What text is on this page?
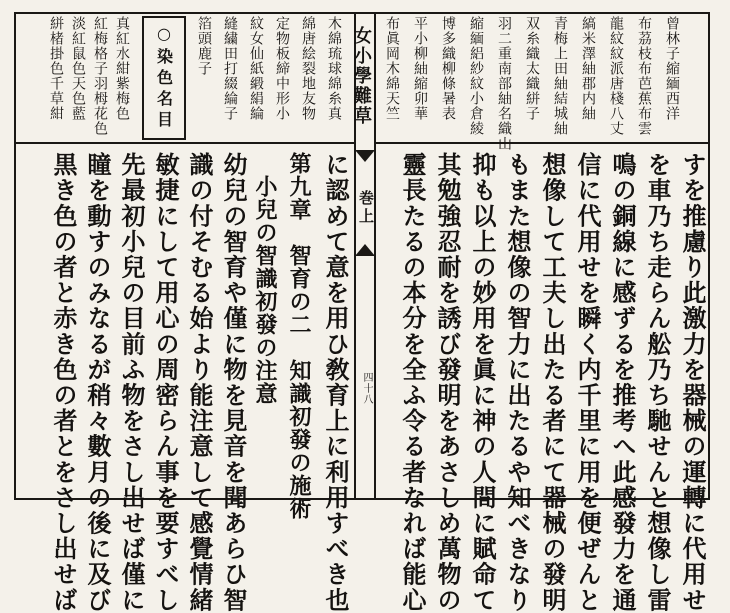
絣楮掛色千草紺 淡紅鼠色天色藍 紅梅格子羽栂花色 真紅水紺紫梅色 ○染色名目 箔頭鹿子 縫繍田打綴綸子 紋女仙紙緞絹綸 定物板締中形小 綿唐絵裂地友物 木綿琉球綿糸真	布眞岡木綿天竺 平小柳紬縮卯華 博多織柳條暑表 縮緬絽紗紋小倉綾 羽二重南部紬名織山 双糸織太織絣子 青梅上田紬結城紬 縞米澤紬郡内紬 龍紋紋派唐棧八丈 布茘枝布芭蕉布雲 曾林子縮緬西洋
女小學難草
巻上
四十八	すを推慮り此激力を器械の運轉に代用せ
を車乃ち走らん舩乃ち馳せんと想像し雷
鳴の銅線に感ずるを推考へ此感發力を通
信に代用せを瞬く内千里に用を便ぜんと
想像して工夫し出たる者にて器械の發明
もまた想像の智力に出たるや知べきなり
抑も以上の妙用を眞に神の人間に賦命て
其勉強忍耐を誘び發明をあさしめ萬物の
靈長たるの本分を全ふ令る者なれば能心
に認めて意を用ひ敎育上に利用すべき也
第九章　智育の二　知識初發の施術
　小兒の智識初發の注意
幼兒の智育や僅に物を見音を聞あらひ智
識の付そむる始より能注意して感覺情緒
敏捷にして用心の周密らん事を要すべし
先最初小兒の目前ふ物をさし出せば僅に
瞳を動すのみなるが稍々數月の後に及び
黒き色の者と赤き色の者とをさし出せば
